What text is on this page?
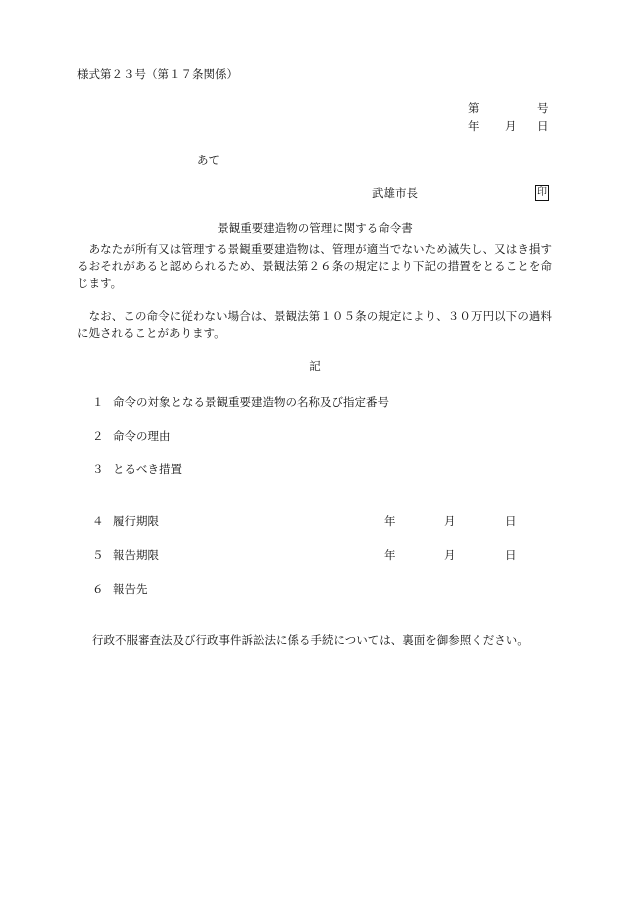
様式第２３号（第１７条関係）
第	号
年 月 日
あて
武雄市長	印
景観重要建造物の管理に関する命令書
　あなたが所有又は管理する景観重要建造物は、管理が適当でないため滅失し、又はき損するおそれがあると認められるため、景観法第２６条の規定により下記の措置をとることを命じます。
　なお、この命令に従わない場合は、景観法第１０５条の規定により、３０万円以下の過料に処されることがあります。
記
１ 命令の対象となる景観重要建造物の名称及び指定番号
２ 命令の理由
３ とるべき措置
４ 履行期限	年	月	日
５ 報告期限	年	月	日
６ 報告先
行政不服審査法及び行政事件訴訟法に係る手続については、裏面を御参照ください。
